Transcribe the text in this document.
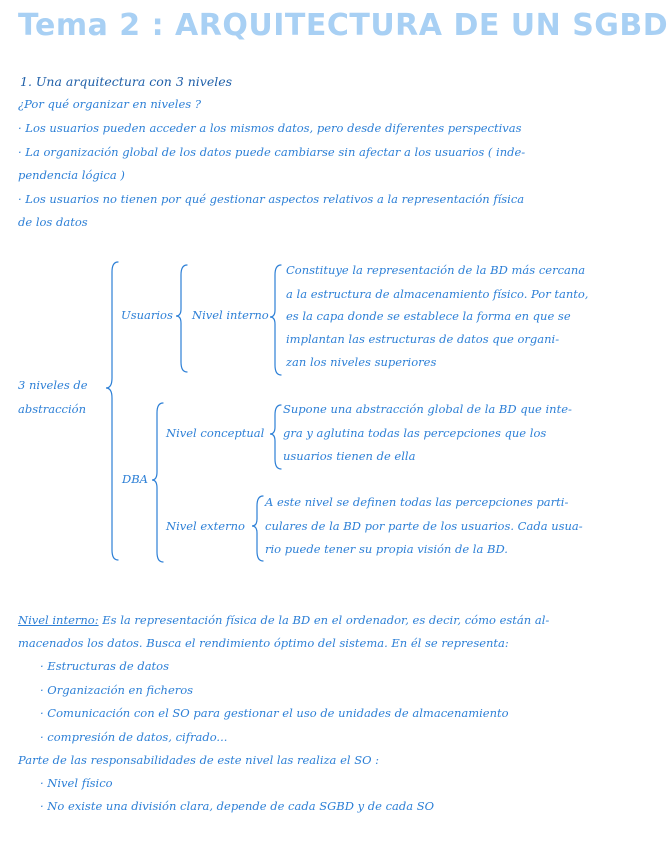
Tema 2 : ARQUITECTURA DE UN SGBD
1. Una arquitectura con 3 niveles
¿Por qué organizar en niveles ?
· Los usuarios pueden acceder a los mismos datos, pero desde diferentes perspectivas
· La organización global de los datos puede cambiarse sin afectar a los usuarios ( inde-
pendencia lógica )
· Los usuarios no tienen por qué gestionar aspectos relativos a la representación física
de los datos
3 niveles de
abstracción
Usuarios Nivel interno
Constituye la representación de la BD más cercana
a la estructura de almacenamiento físico. Por tanto,
es la capa donde se establece la forma en que se
implantan las estructuras de datos que organi-
zan los niveles superiores
Nivel conceptual
Supone una abstracción global de la BD que inte-
gra y aglutina todas las percepciones que los
usuarios tienen de ella
DBA
Nivel externo
A este nivel se definen todas las percepciones parti-
culares de la BD por parte de los usuarios. Cada usua-
rio puede tener su propia visión de la BD.
Nivel interno: Es la representación física de la BD en el ordenador, es decir, cómo están al-
macenados los datos. Busca el rendimiento óptimo del sistema. En él se representa:
· Estructuras de datos
· Organización en ficheros
· Comunicación con el SO para gestionar el uso de unidades de almacenamiento
· compresión de datos, cifrado...
Parte de las responsabilidades de este nivel las realiza el SO :
· Nivel físico
· No existe una división clara, depende de cada SGBD y de cada SO
